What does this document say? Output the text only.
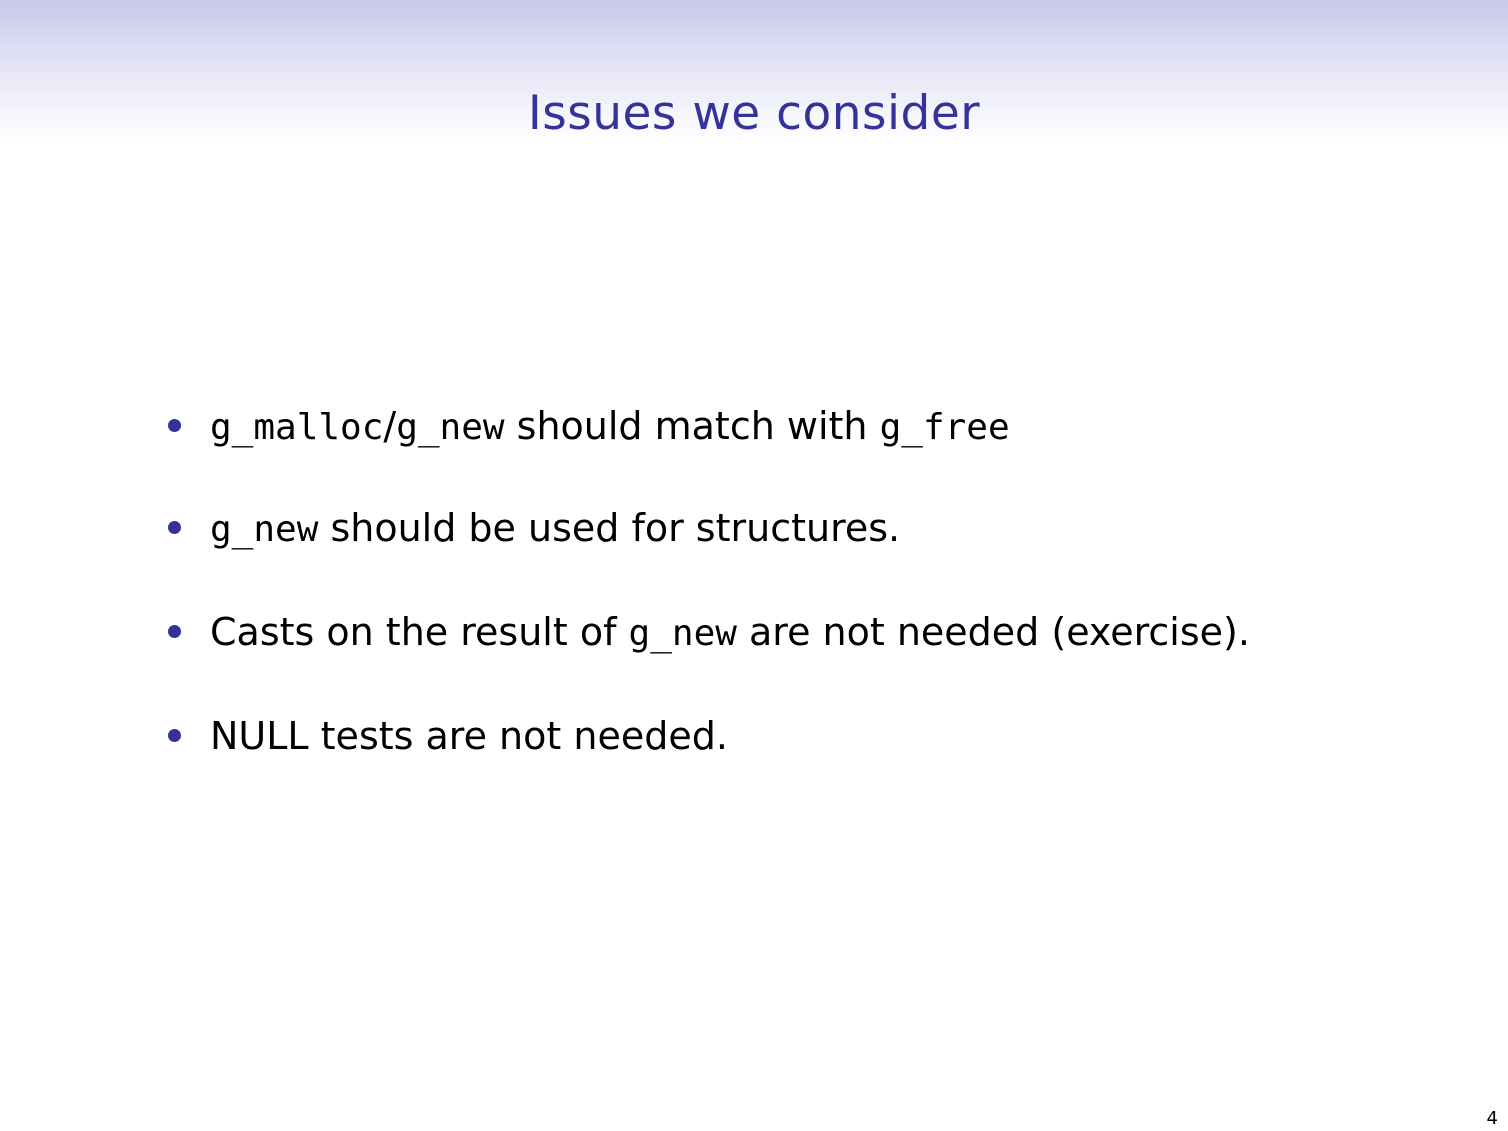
Issues we consider
g_malloc/g_new should match with g_free
g_new should be used for structures.
Casts on the result of g_new are not needed (exercise).
NULL tests are not needed.
4
